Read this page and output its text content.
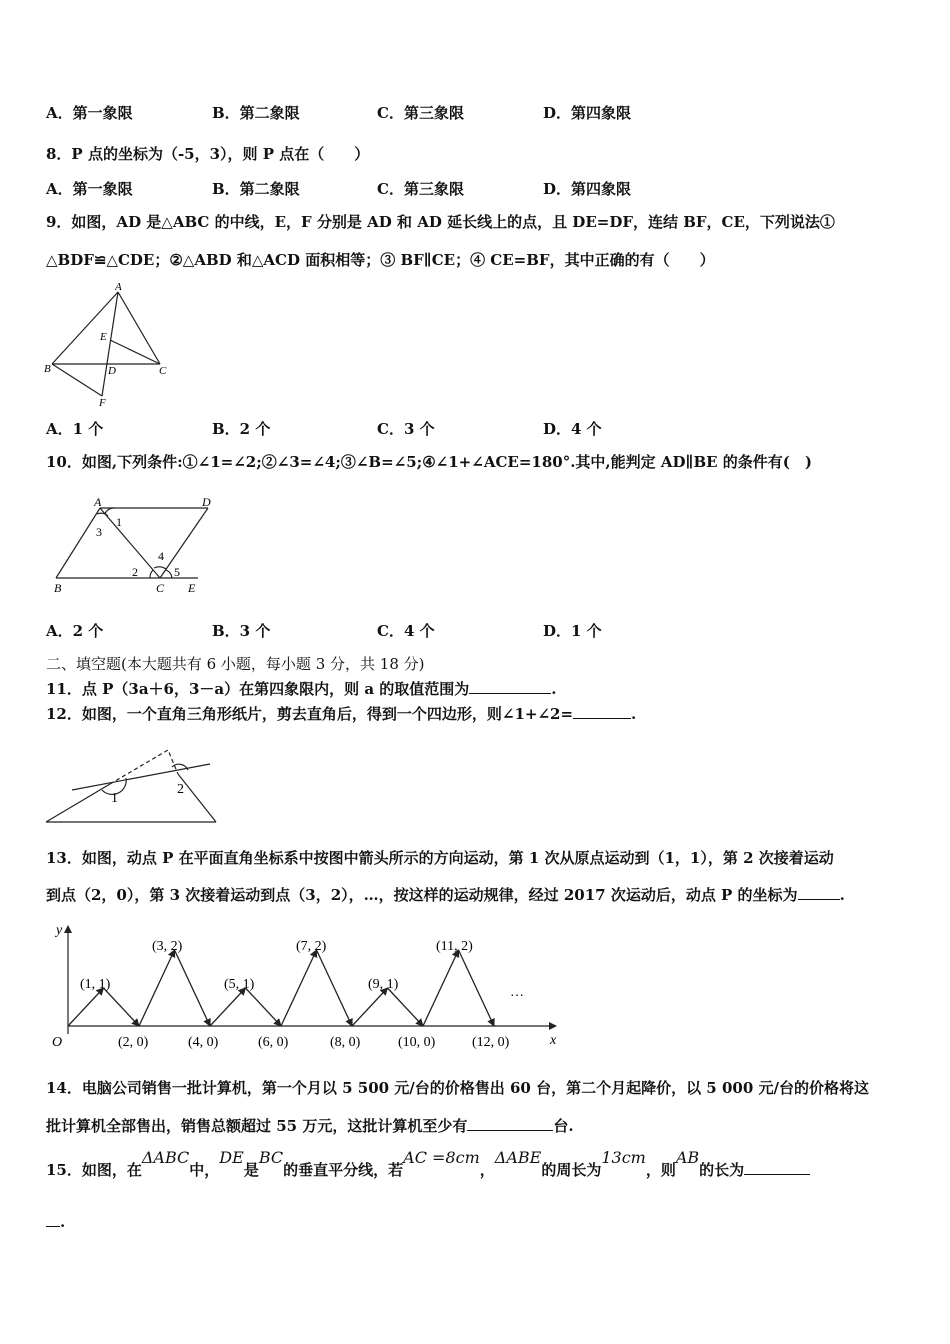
A．第一象限	B．第二象限	C．第三象限	D．第四象限
8．P 点的坐标为（-5，3），则 P 点在（　　）
A．第一象限	B．第二象限	C．第三象限	D．第四象限
9．如图，AD 是△ABC 的中线，E，F 分别是 AD 和 AD 延长线上的点，且 DE=DF，连结 BF，CE，下列说法①
△BDF≌△CDE；②△ABD 和△ACD 面积相等；③ BF∥CE；④ CE=BF，其中正确的有（　　）
A
B	C
D
E
F
A．1 个	B．2 个	C．3 个	D．4 个
10．如图,下列条件:①∠1=∠2;②∠3=∠4;③∠B=∠5;④∠1+∠ACE=180°.其中,能判定 AD∥BE 的条件有(　)
A	D
B	C E
1
3
2
4
5
A．2 个	B．3 个	C．4 个	D．1 个
二、填空题(本大题共有 6 小题，每小题 3 分，共 18 分)
11．点 P（3a＋6，3－a）在第四象限内，则 a 的取值范围为	.
12．如图，一个直角三角形纸片，剪去直角后，得到一个四边形，则∠1+∠2=	.
1
2
13．如图，动点 P 在平面直角坐标系中按图中箭头所示的方向运动，第 1 次从原点运动到（1，1），第 2 次接着运动
到点（2，0），第 3 次接着运动到点（3，2），…，按这样的运动规律，经过 2017 次运动后，动点 P 的坐标为	.
y
x
O
…
(1, 1)
(3, 2)
(5, 1)
(7, 2)
(9, 1)
(11, 2)
(2, 0)	(4, 0)	(6, 0)	(8, 0)	(10, 0)	(12, 0)
14．电脑公司销售一批计算机，第一个月以 5 500 元/台的价格售出 60 台，第二个月起降价，以 5 000 元/台的价格将这
批计算机全部售出，销售总额超过 55 万元，这批计算机至少有	台.
15．如图，在ΔABC中，DE是BC的垂直平分线，若AC =8cm，ΔABE的周长为13cm，则AB的长为
.
